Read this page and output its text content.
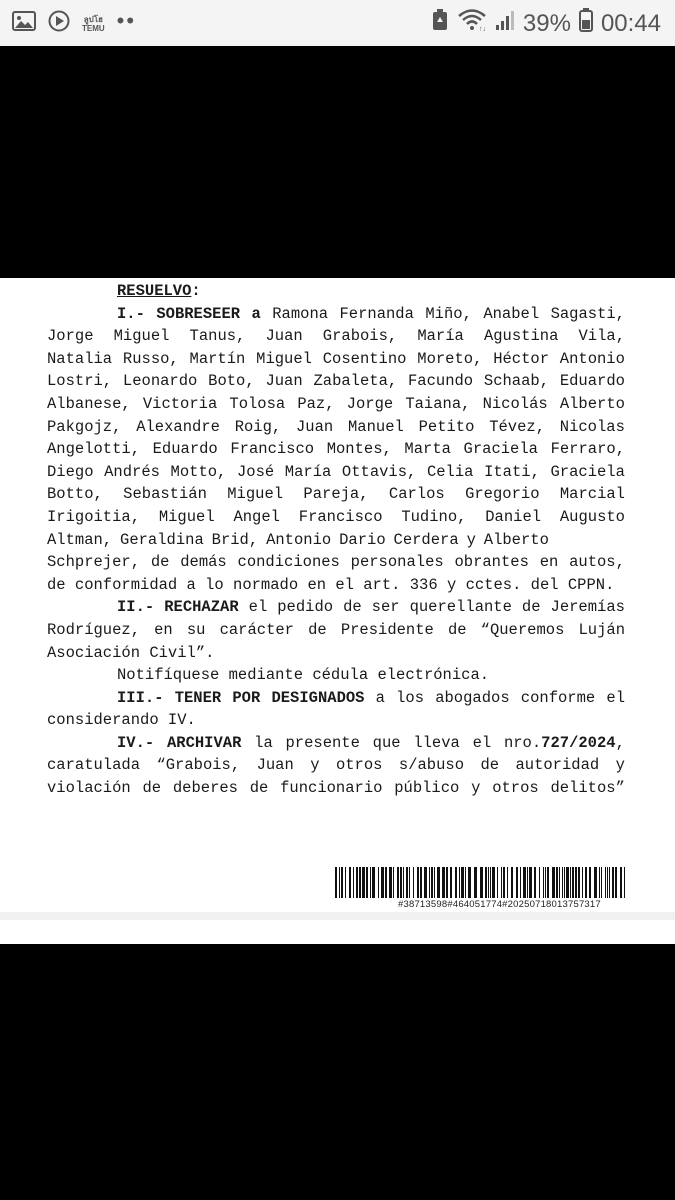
ลูปโฮ
TEMU ••	↑↓ 39% 00:44
RESUELVO:
I.- SOBRESEER a Ramona Fernanda Miño, Anabel Sagasti,
Jorge Miguel Tanus, Juan Grabois, María Agustina Vila,
Natalia Russo, Martín Miguel Cosentino Moreto, Héctor Antonio
Lostri, Leonardo Boto, Juan Zabaleta, Facundo Schaab, Eduardo
Albanese, Victoria Tolosa Paz, Jorge Taiana, Nicolás Alberto
Pakgojz, Alexandre Roig, Juan Manuel Petito Tévez, Nicolas
Angelotti, Eduardo Francisco Montes, Marta Graciela Ferraro,
Diego Andrés Motto, José María Ottavis, Celia Itati, Graciela
Botto, Sebastián Miguel Pareja, Carlos Gregorio Marcial
Irigoitia, Miguel Angel Francisco Tudino, Daniel Augusto
Altman, Geraldina Brid, Antonio Dario Cerdera y Alberto
Schprejer, de demás condiciones personales obrantes en autos,
de conformidad a lo normado en el art. 336 y cctes. del CPPN.
II.- RECHAZAR el pedido de ser querellante de Jeremías
Rodríguez, en su carácter de Presidente de “Queremos Luján
Asociación Civil”.
Notifíquese mediante cédula electrónica.
III.- TENER POR DESIGNADOS a los abogados conforme el
considerando IV.
IV.- ARCHIVAR la presente que lleva el nro.727/2024,
caratulada “Grabois, Juan y otros s/abuso de autoridad y
violación de deberes de funcionario público y otros delitos”
#38713598#464051774#20250718013757317
